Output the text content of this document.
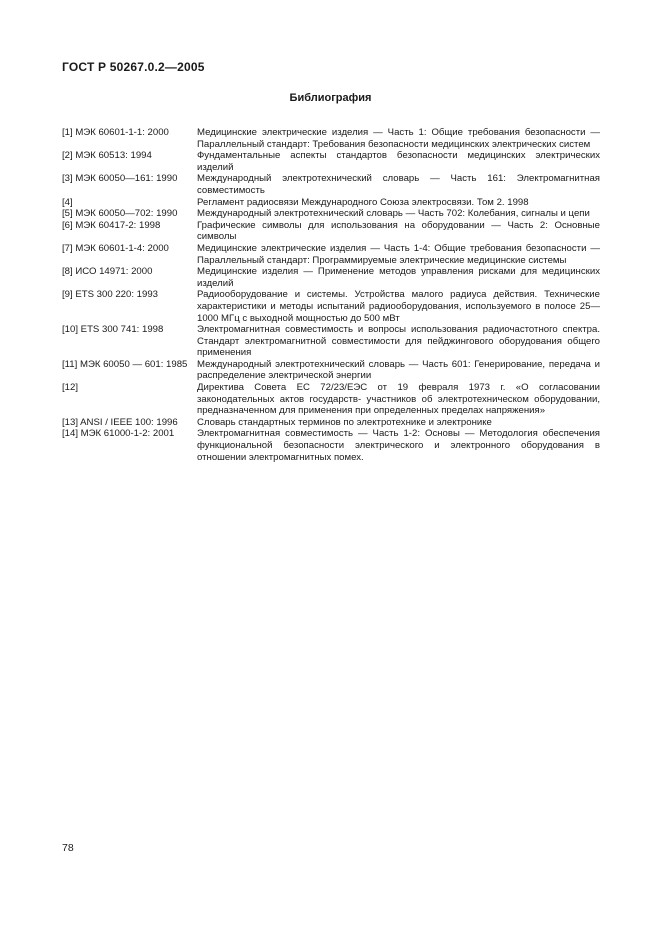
ГОСТ Р 50267.0.2—2005
Библиография
[1] МЭК 60601-1-1: 2000	Медицинские электрические изделия — Часть 1: Общие требования безопасности — Параллельный стандарт: Требования безопасности медицинских электрических систем
[2] МЭК 60513: 1994	Фундаментальные аспекты стандартов безопасности медицинских электрических изделий
[3] МЭК 60050—161: 1990	Международный электротехнический словарь — Часть 161: Электромагнитная совместимость
[4]	Регламент радиосвязи Международного Союза электросвязи. Том 2. 1998
[5] МЭК 60050—702: 1990	Международный электротехнический словарь — Часть 702: Колебания, сигналы и цепи
[6] МЭК 60417-2: 1998	Графические символы для использования на оборудовании — Часть 2: Основные символы
[7] МЭК 60601-1-4: 2000	Медицинские электрические изделия — Часть 1-4: Общие требования безопасности — Параллельный стандарт: Программируемые электрические медицинские системы
[8] ИСО 14971: 2000	Медицинские изделия — Применение методов управления рисками для медицинских изделий
[9] ETS 300 220: 1993	Радиооборудование и системы. Устройства малого радиуса действия. Технические характеристики и методы испытаний радиооборудования, используемого в полосе 25—1000 МГц с выходной мощностью до 500 мВт
[10] ETS 300 741: 1998	Электромагнитная совместимость и вопросы использования радиочастотного спектра. Стандарт электромагнитной совместимости для пейджингового оборудования общего применения
[11] МЭК 60050 — 601: 1985	Международный электротехнический словарь — Часть 601: Генерирование, передача и распределение электрической энергии
[12]	Директива Совета ЕС 72/23/ЕЭС от 19 февраля 1973 г. «О согласовании законодательных актов государств- участников об электротехническом оборудовании, предназначенном для применения при определенных пределах напряжения»
[13] ANSI / IEEE 100: 1996	Словарь стандартных терминов по электротехнике и электронике
[14] МЭК 61000-1-2: 2001	Электромагнитная совместимость — Часть 1-2: Основы — Методология обеспечения функциональной безопасности электрического и электронного оборудования в отношении электромагнитных помех.
78
